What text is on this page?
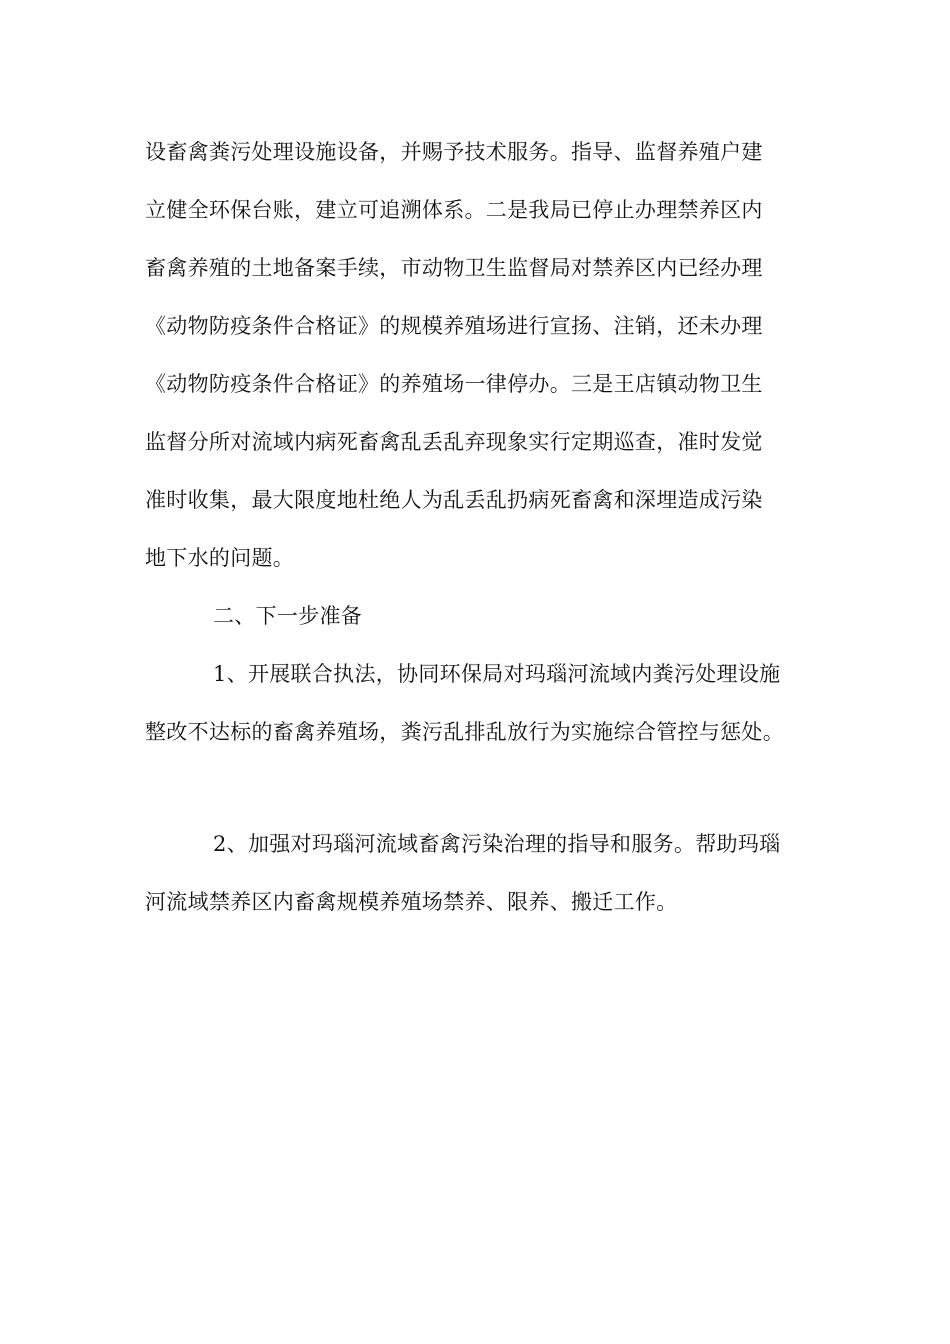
设畜禽粪污处理设施设备，并赐予技术服务。指导、监督养殖户建
立健全环保台账，建立可追溯体系。二是我局已停止办理禁养区内
畜禽养殖的土地备案手续，市动物卫生监督局对禁养区内已经办理
《动物防疫条件合格证》的规模养殖场进行宣扬、注销，还未办理
《动物防疫条件合格证》的养殖场一律停办。三是王店镇动物卫生
监督分所对流域内病死畜禽乱丢乱弃现象实行定期巡查，准时发觉
准时收集，最大限度地杜绝人为乱丢乱扔病死畜禽和深埋造成污染
地下水的问题。
二、下一步准备
1、开展联合执法，协同环保局对玛瑙河流域内粪污处理设施
整改不达标的畜禽养殖场，粪污乱排乱放行为实施综合管控与惩处。
2、加强对玛瑙河流域畜禽污染治理的指导和服务。帮助玛瑙
河流域禁养区内畜禽规模养殖场禁养、限养、搬迁工作。
